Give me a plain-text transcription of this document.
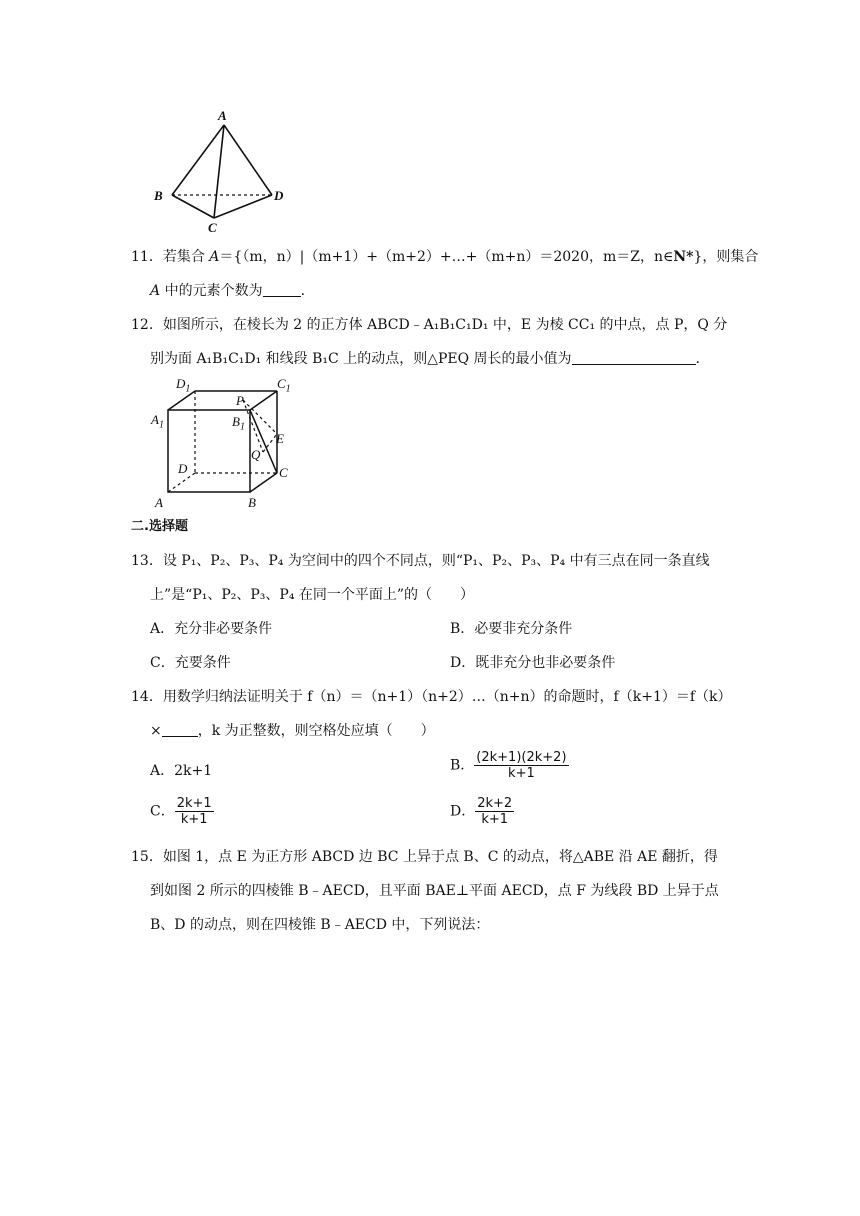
A
B
C
D
11．若集合 A＝{（m，n）|（m+1）+（m+2）+…+（m+n）＝2020，m＝Z，n∈N*}，则集合
A 中的元素个数为	.
12．如图所示，在棱长为 2 的正方体 ABCD﹣A₁B₁C₁D₁ 中，E 为棱 CC₁ 的中点，点 P，Q 分
别为面 A₁B₁C₁D₁ 和线段 B₁C 上的动点，则△PEQ 周长的最小值为	.
$D_1$	$C_1$
$A_1$	$B_1$
P
E
Q
D	C
A	B
二.选择题
13．设 P₁、P₂、P₃、P₄ 为空间中的四个不同点，则“P₁、P₂、P₃、P₄ 中有三点在同一条直线
上”是“P₁、P₂、P₃、P₄ 在同一个平面上”的（　　）
A．充分非必要条件	B．必要非充分条件
C．充要条件	D．既非充分也非必要条件
14．用数学归纳法证明关于 f（n）＝（n+1）（n+2）…（n+n）的命题时，f（k+1）＝f（k）
×	，k 为正整数，则空格处应填（　　）
A．2k+1	B． $\frac{(2k+1)(2k+2)}{k+1}$
C． $\frac{2k+1}{k+1}$	D． $\frac{2k+2}{k+1}$
15．如图 1，点 E 为正方形 ABCD 边 BC 上异于点 B、C 的动点，将△ABE 沿 AE 翻折，得
到如图 2 所示的四棱锥 B﹣AECD，且平面 BAE⊥平面 AECD，点 F 为线段 BD 上异于点
B、D 的动点，则在四棱锥 B﹣AECD 中，下列说法：
